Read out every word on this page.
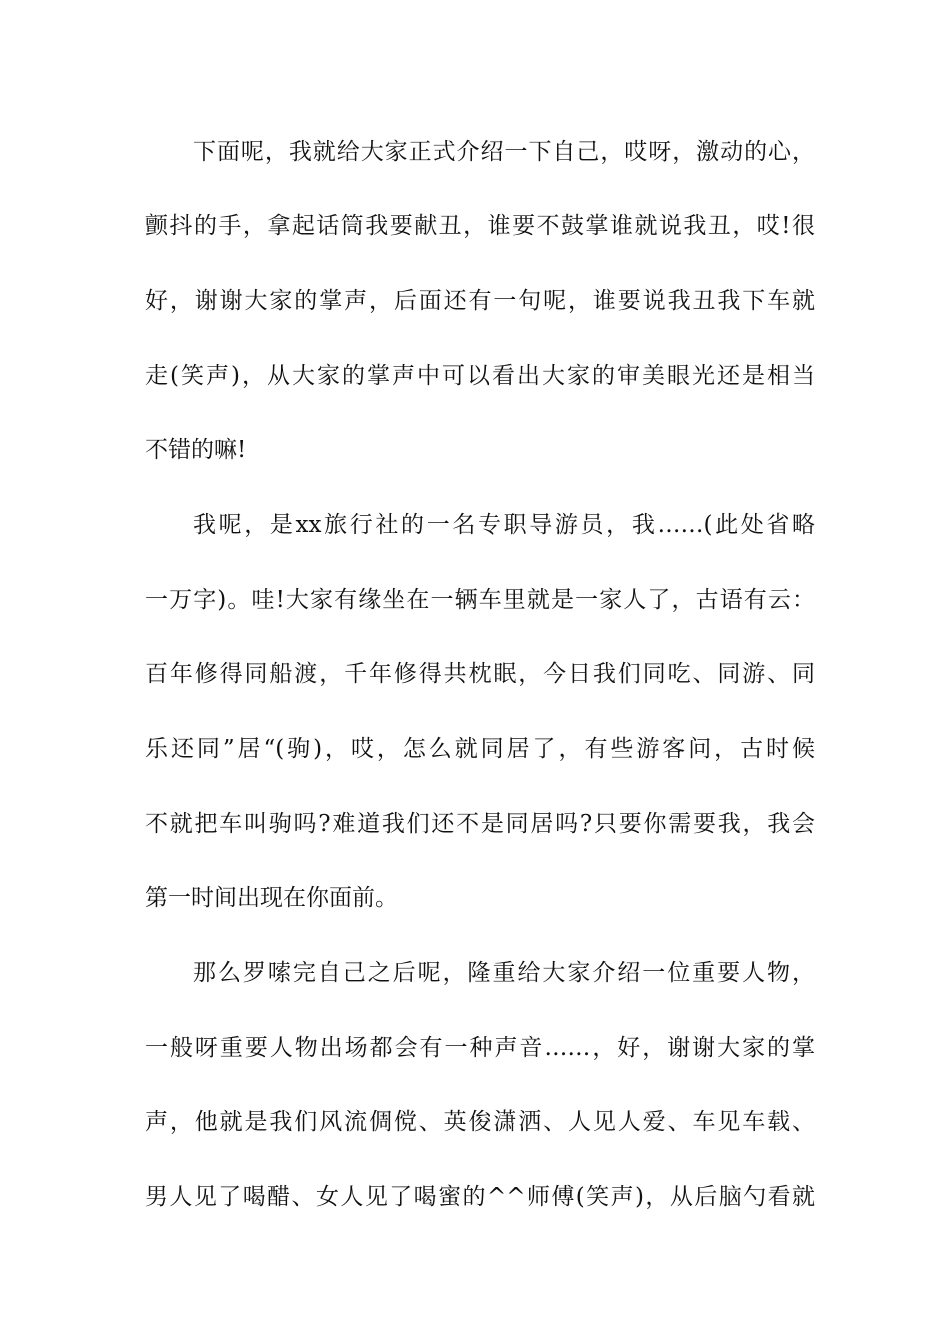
下面呢，我就给大家正式介绍一下自己，哎呀，激动的心，
颤抖的手，拿起话筒我要献丑，谁要不鼓掌谁就说我丑，哎!很
好，谢谢大家的掌声，后面还有一句呢，谁要说我丑我下车就
走(笑声)，从大家的掌声中可以看出大家的审美眼光还是相当
不错的嘛!
我呢，是xx旅行社的一名专职导游员，我……(此处省略
一万字)。哇!大家有缘坐在一辆车里就是一家人了，古语有云：
百年修得同船渡，千年修得共枕眠，今日我们同吃、同游、同
乐还同”居“(驹)，哎，怎么就同居了，有些游客问，古时候
不就把车叫驹吗?难道我们还不是同居吗?只要你需要我，我会
第一时间出现在你面前。
那么罗嗦完自己之后呢，隆重给大家介绍一位重要人物，
一般呀重要人物出场都会有一种声音……，好，谢谢大家的掌
声，他就是我们风流倜傥、英俊潇洒、人见人爱、车见车载、
男人见了喝醋、女人见了喝蜜的^^师傅(笑声)，从后脑勺看就
